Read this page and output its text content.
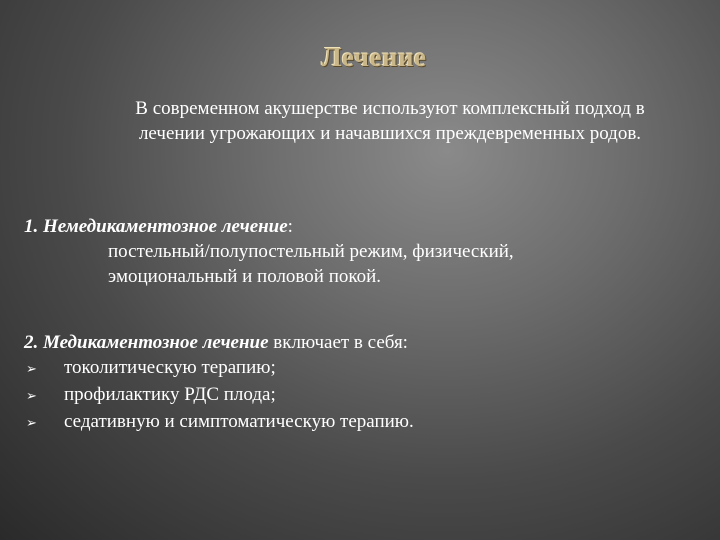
Лечение
В современном акушерстве используют комплексный подход в лечении угрожающих и начавшихся преждевременных родов.
1. Немедикаментозное лечение:
постельный/полупостельный режим, физический,
эмоциональный и половой покой.
2. Медикаментозное лечение включает в себя:
➢	токолитическую терапию;
➢	профилактику РДС плода;
➢	седативную и симптоматическую терапию.
